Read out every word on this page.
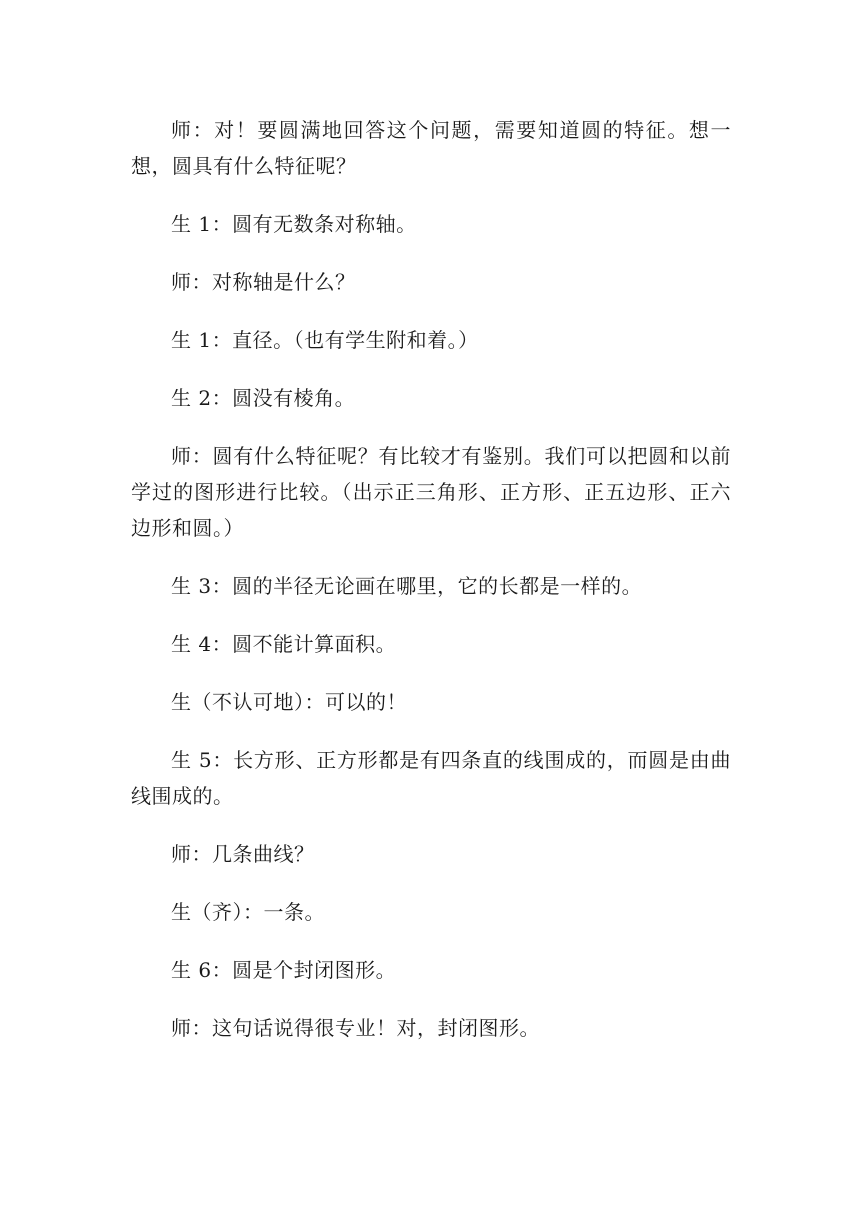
师：对！要圆满地回答这个问题，需要知道圆的特征。想一想，圆具有什么特征呢？

生 1：圆有无数条对称轴。

师：对称轴是什么？

生 1：直径。（也有学生附和着。）

生 2：圆没有棱角。

师：圆有什么特征呢？有比较才有鉴别。我们可以把圆和以前学过的图形进行比较。（出示正三角形、正方形、正五边形、正六边形和圆。）

生 3：圆的半径无论画在哪里，它的长都是一样的。

生 4：圆不能计算面积。

生（不认可地）：可以的！

生 5：长方形、正方形都是有四条直的线围成的，而圆是由曲线围成的。

师：几条曲线？

生（齐）：一条。

生 6：圆是个封闭图形。

师：这句话说得很专业！对，封闭图形。
